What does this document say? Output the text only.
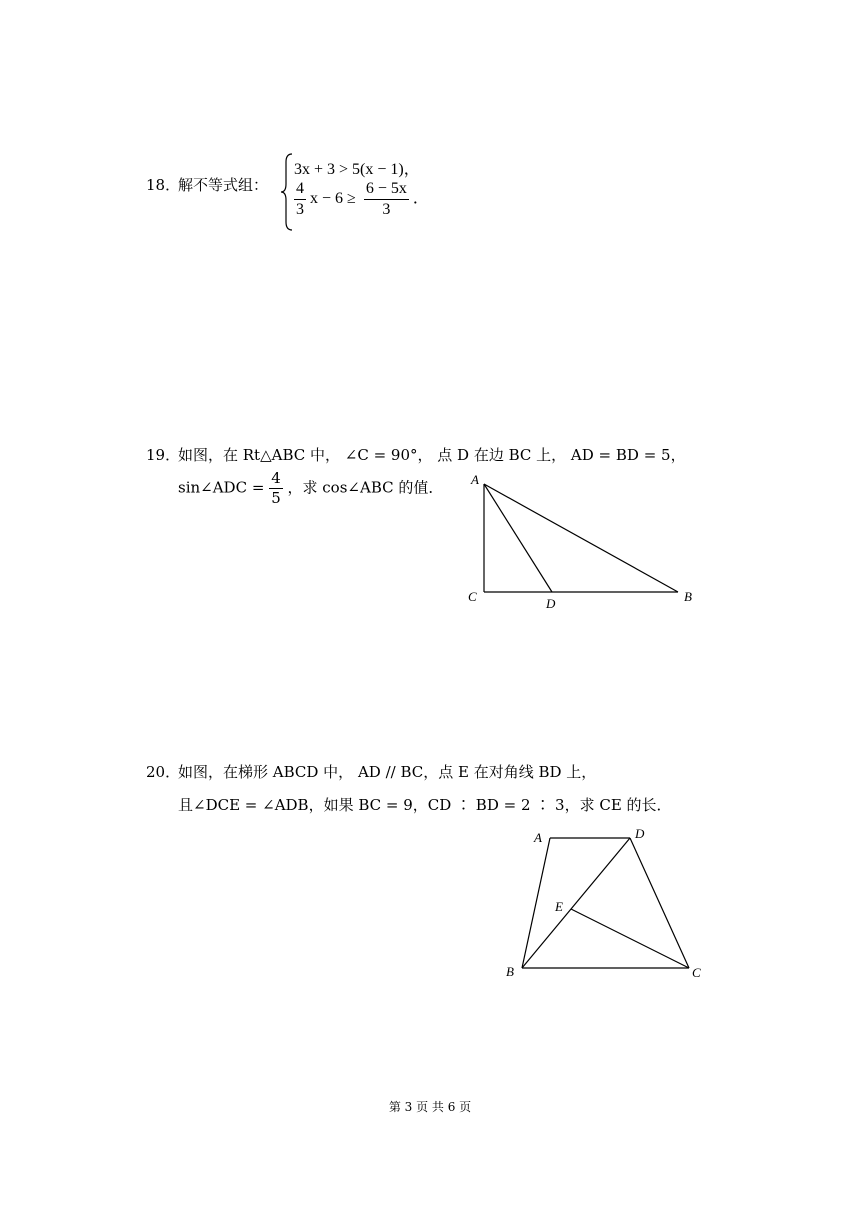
18．
解不等式组：
3x + 3 > 5(x − 1)，
$\frac{4}{3}$ $x - 6 \ge \frac{6 - 5x}{3}$ ．
19．
如图，在 Rt△ABC 中， ∠C = 90°， 点 D 在边 BC 上， AD = BD = 5，
sin∠ADC = $\frac{4}{5}$ ，求 cos∠ABC 的值． A
C	D	B
20．
如图，在梯形 ABCD 中， AD // BC，点 E 在对角线 BD 上，
且∠DCE = ∠ADB，如果 BC = 9，CD ∶ BD = 2 ∶ 3，求 CE 的长．
A	D
E
B	C
第 3 页 共 6 页
